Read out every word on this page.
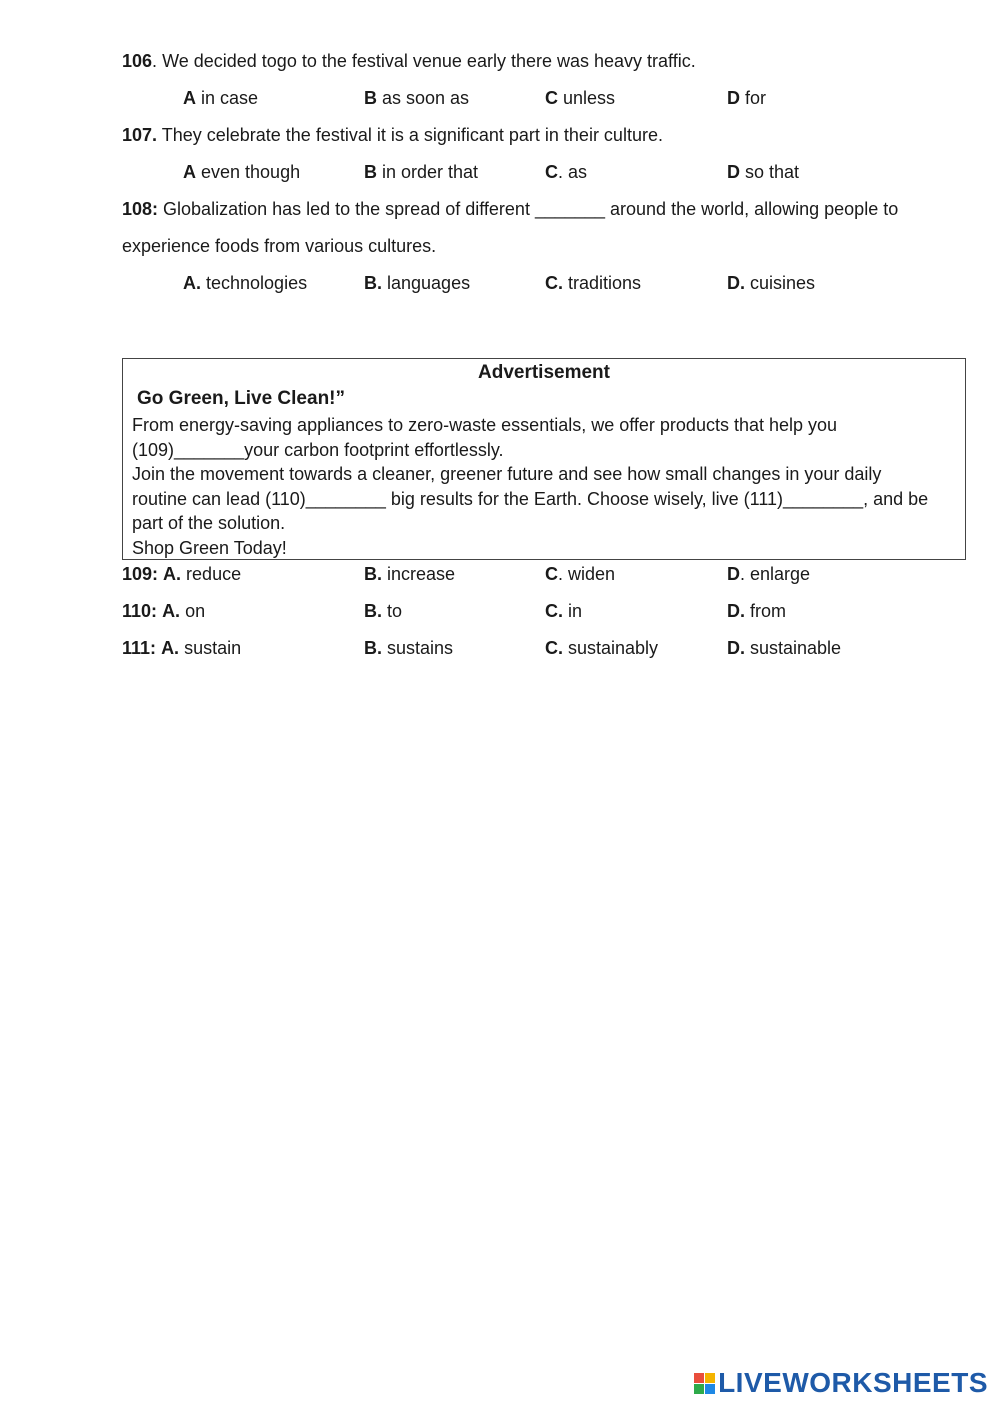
106. We decided togo to the festival venue early there was heavy traffic.
A in case	B as soon as	C unless	D for
107. They celebrate the festival it is a significant part in their culture.
A even though	B in order that	C. as	D so that
108: Globalization has led to the spread of different _______ around the world, allowing people to
experience foods from various cultures.
A. technologies	B. languages	C. traditions	D. cuisines
Advertisement
Go Green, Live Clean!”
From energy-saving appliances to zero-waste essentials, we offer products that help you
(109)_______your carbon footprint effortlessly.
Join the movement towards a cleaner, greener future and see how small changes in your daily
routine can lead (110)________ big results for the Earth. Choose wisely, live (111)________, and be
part of the solution.
Shop Green Today!
109: A. reduce	B. increase	C. widen	D. enlarge
110: A. on	B. to	C. in	D. from
111: A. sustain	B. sustains	C. sustainably	D. sustainable
LIVEWORKSHEETS
